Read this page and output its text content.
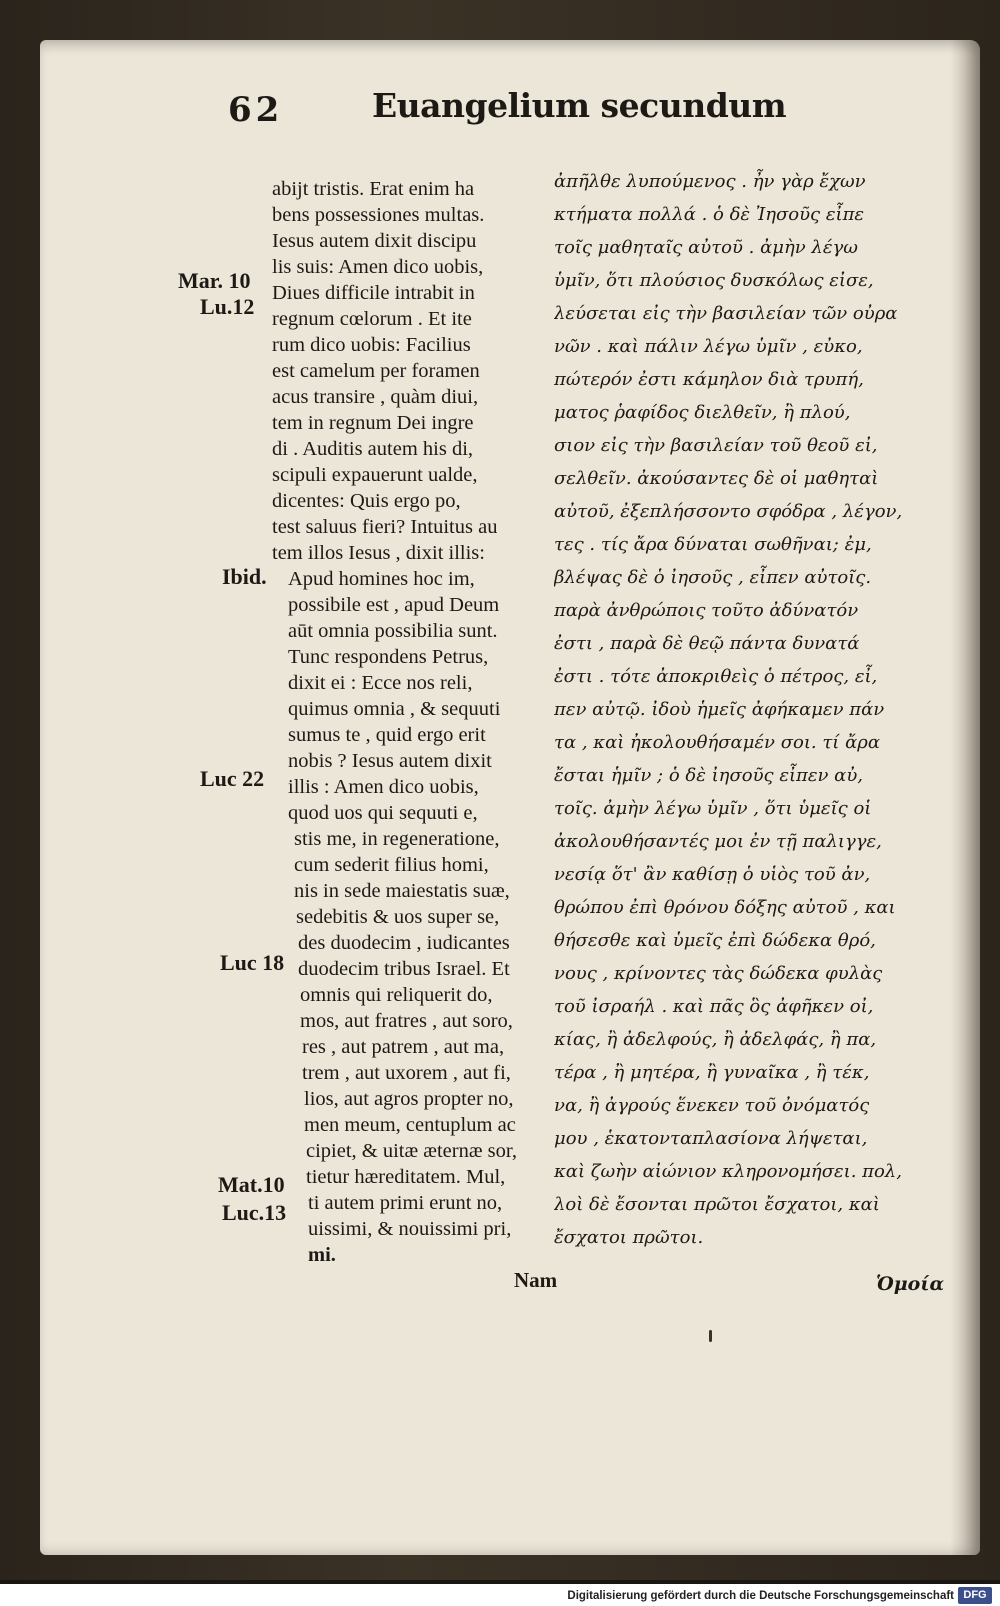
62	Euangelium secundum
Mar. 10
Lu.12
Ibid.
Luc 22
Luc 18
Mat.10
Luc.13
abijt tristis. Erat enim ha
bens possessiones multas.
Iesus autem dixit discipu
lis suis: Amen dico uobis,
Diues difficile intrabit in
regnum cœlorum . Et ite
rum dico uobis: Facilius
est camelum per foramen
acus transire , quàm diui,
tem in regnum Dei ingre
di . Auditis autem his di,
scipuli expauerunt ualde,
dicentes: Quis ergo po,
test saluus fieri? Intuitus au
tem illos Iesus , dixit illis:
Apud homines hoc im,
possibile est , apud Deum
aūt omnia possibilia sunt.
Tunc respondens Petrus,
dixit ei : Ecce nos reli,
quimus omnia , & sequuti
sumus te , quid ergo erit
nobis ? Iesus autem dixit
illis : Amen dico uobis,
quod uos qui sequuti e,
stis me, in regeneratione,
cum sederit filius homi,
nis in sede maiestatis suæ,
sedebitis & uos super se,
des duodecim , iudicantes
duodecim tribus Israel. Et
omnis qui reliquerit do,
mos, aut fratres , aut soro,
res , aut patrem , aut ma,
trem , aut uxorem , aut fi,
lios, aut agros propter no,
men meum, centuplum ac
cipiet, & uitæ æternæ sor,
tietur hæreditatem. Mul,
ti autem primi erunt no,
uissimi, & nouissimi pri,
mi.
ἀπῆλθε λυπούμενος . ἦν γὰρ ἔχων
κτήματα πολλά . ὁ δὲ Ἰησοῦς εἶπε
τοῖς μαθηταῖς αὐτοῦ . ἀμὴν λέγω
ὑμῖν, ὅτι πλούσιος δυσκόλως εἰσε,
λεύσεται εἰς τὴν βασιλείαν τῶν οὐρα
νῶν . καὶ πάλιν λέγω ὑμῖν , εὐκο,
πώτερόν ἐστι κάμηλον διὰ τρυπή,
ματος ῥαφίδος διελθεῖν, ἢ πλού,
σιον εἰς τὴν βασιλείαν τοῦ θεοῦ εἰ,
σελθεῖν. ἀκούσαντες δὲ οἱ μαθηταὶ
αὐτοῦ, ἐξεπλήσσοντο σφόδρα , λέγον,
τες . τίς ἄρα δύναται σωθῆναι; ἐμ,
βλέψας δὲ ὁ ἰησοῦς , εἶπεν αὐτοῖς.
παρὰ ἀνθρώποις τοῦτο ἀδύνατόν
ἐστι , παρὰ δὲ θεῷ πάντα δυνατά
ἐστι . τότε ἀποκριθεὶς ὁ πέτρος, εἶ,
πεν αὐτῷ. ἰδοὺ ἡμεῖς ἀφήκαμεν πάν
τα , καὶ ἠκολουθήσαμέν σοι. τί ἄρα
ἔσται ἡμῖν ; ὁ δὲ ἰησοῦς εἶπεν αὐ,
τοῖς. ἀμὴν λέγω ὑμῖν , ὅτι ὑμεῖς οἱ
ἀκολουθήσαντές μοι ἐν τῇ παλιγγε,
νεσίᾳ ὅτ' ἂν καθίσῃ ὁ υἱὸς τοῦ ἀν,
θρώπου ἐπὶ θρόνου δόξης αὐτοῦ , και
θήσεσθε καὶ ὑμεῖς ἐπὶ δώδεκα θρό,
νους , κρίνοντες τὰς δώδεκα φυλὰς
τοῦ ἰσραήλ . καὶ πᾶς ὃς ἀφῆκεν οἰ,
κίας, ἢ ἀδελφούς, ἢ ἀδελφάς, ἢ πα,
τέρα , ἢ μητέρα, ἢ γυναῖκα , ἢ τέκ,
να, ἢ ἀγρούς ἕνεκεν τοῦ ὀνόματός
μου , ἑκατονταπλασίονα λήψεται,
καὶ ζωὴν αἰώνιον κληρονομήσει. πολ,
λοὶ δὲ ἔσονται πρῶτοι ἔσχατοι, καὶ
ἔσχατοι πρῶτοι.
Nam	Ὁμοία
Digitalisierung gefördert durch die Deutsche Forschungsgemeinschaft DFG
